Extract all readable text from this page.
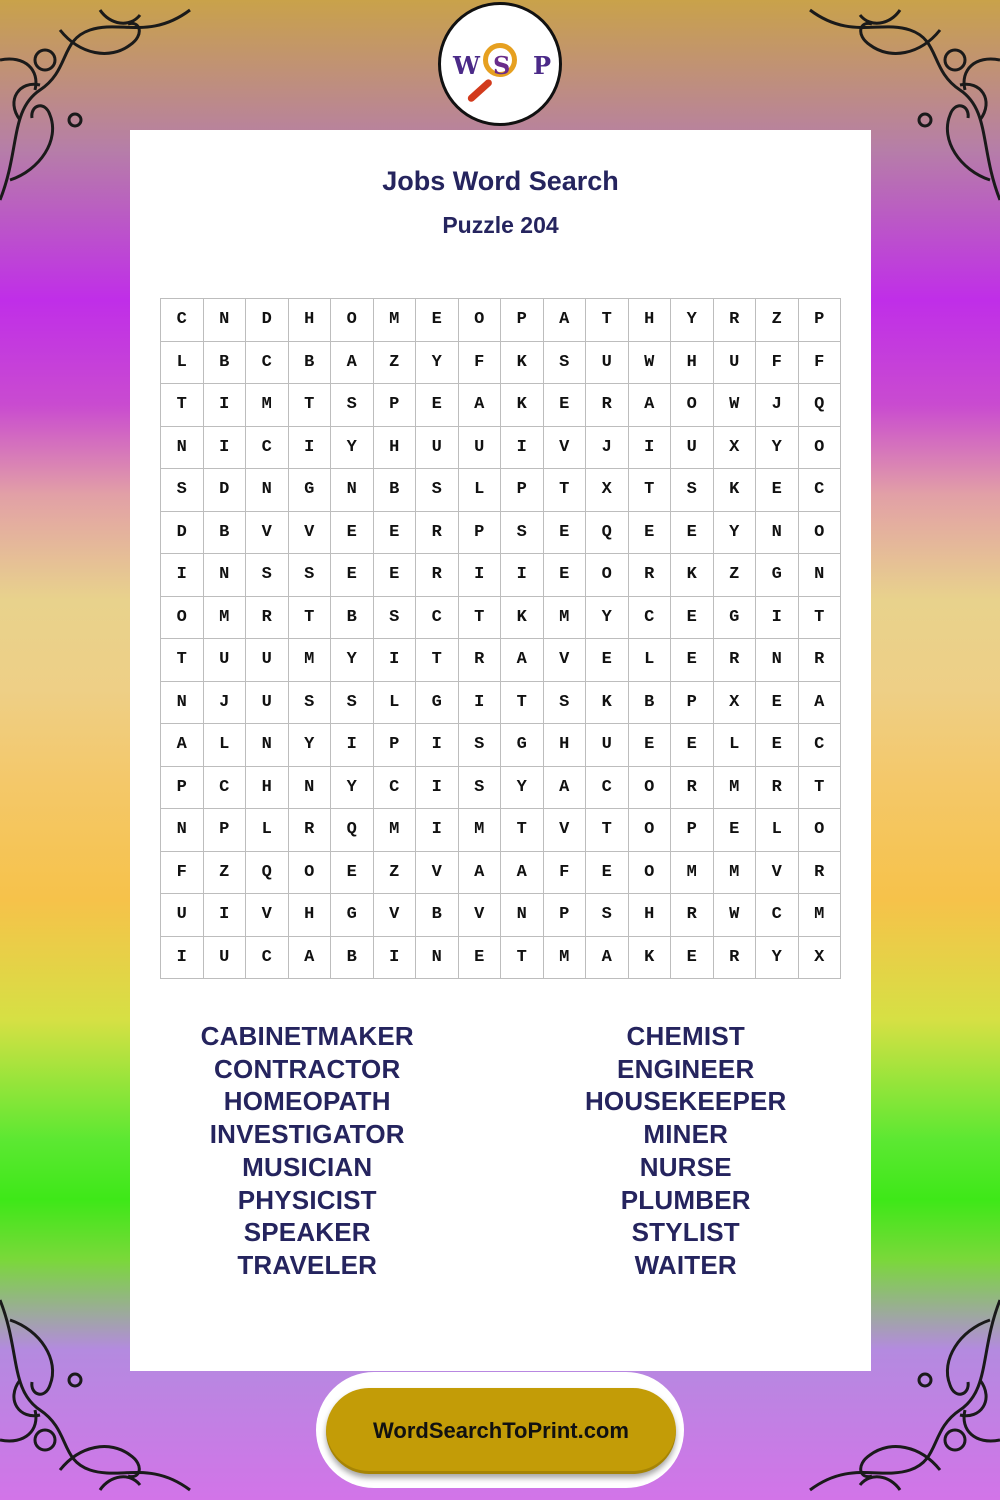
W S P
Jobs Word Search
Puzzle 204
C	N	D	H	O	M	E	O	P	A	T	H	Y	R	Z	P
L	B	C	B	A	Z	Y	F	K	S	U	W	H	U	F	F
T	I	M	T	S	P	E	A	K	E	R	A	O	W	J	Q
N	I	C	I	Y	H	U	U	I	V	J	I	U	X	Y	O
S	D	N	G	N	B	S	L	P	T	X	T	S	K	E	C
D	B	V	V	E	E	R	P	S	E	Q	E	E	Y	N	O
I	N	S	S	E	E	R	I	I	E	O	R	K	Z	G	N
O	M	R	T	B	S	C	T	K	M	Y	C	E	G	I	T
T	U	U	M	Y	I	T	R	A	V	E	L	E	R	N	R
N	J	U	S	S	L	G	I	T	S	K	B	P	X	E	A
A	L	N	Y	I	P	I	S	G	H	U	E	E	L	E	C
P	C	H	N	Y	C	I	S	Y	A	C	O	R	M	R	T
N	P	L	R	Q	M	I	M	T	V	T	O	P	E	L	O
F	Z	Q	O	E	Z	V	A	A	F	E	O	M	M	V	R
U	I	V	H	G	V	B	V	N	P	S	H	R	W	C	M
I	U	C	A	B	I	N	E	T	M	A	K	E	R	Y	X
CABINETMAKER
CONTRACTOR
HOMEOPATH
INVESTIGATOR
MUSICIAN
PHYSICIST
SPEAKER
TRAVELER
CHEMIST
ENGINEER
HOUSEKEEPER
MINER
NURSE
PLUMBER
STYLIST
WAITER
WordSearchToPrint.com
